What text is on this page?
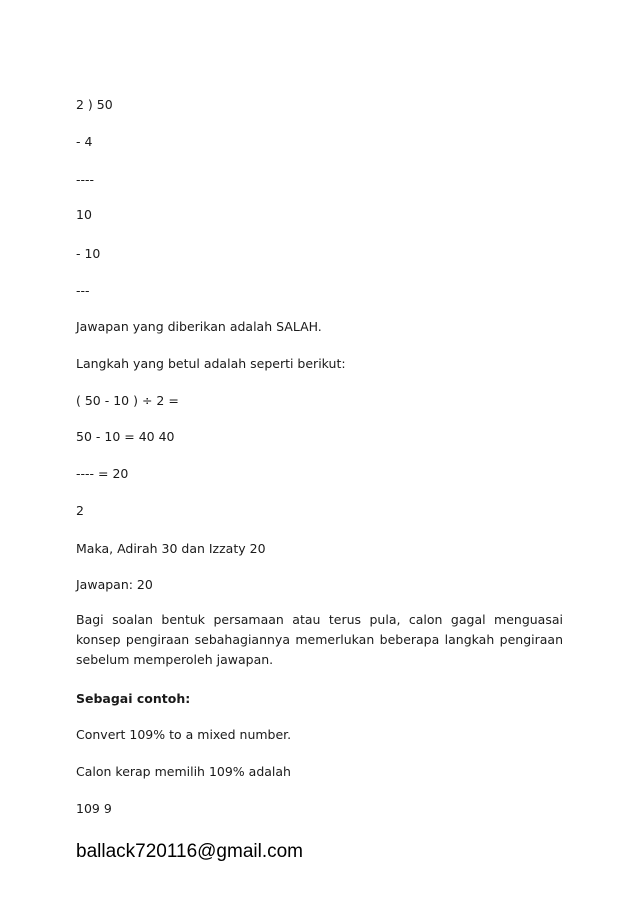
2 ) 50
- 4
----
10
- 10
---
Jawapan yang diberikan adalah SALAH.
Langkah yang betul adalah seperti berikut:
( 50 - 10 ) ÷ 2 =
50 - 10 = 40 40
---- = 20
2
Maka, Adirah 30 dan Izzaty 20
Jawapan: 20
Bagi soalan bentuk persamaan atau terus pula, calon gagal menguasai konsep pengiraan sebahagiannya memerlukan beberapa langkah pengiraan sebelum memperoleh jawapan.
Sebagai contoh:
Convert 109% to a mixed number.
Calon kerap memilih 109% adalah
109 9
ballack720116@gmail.com
